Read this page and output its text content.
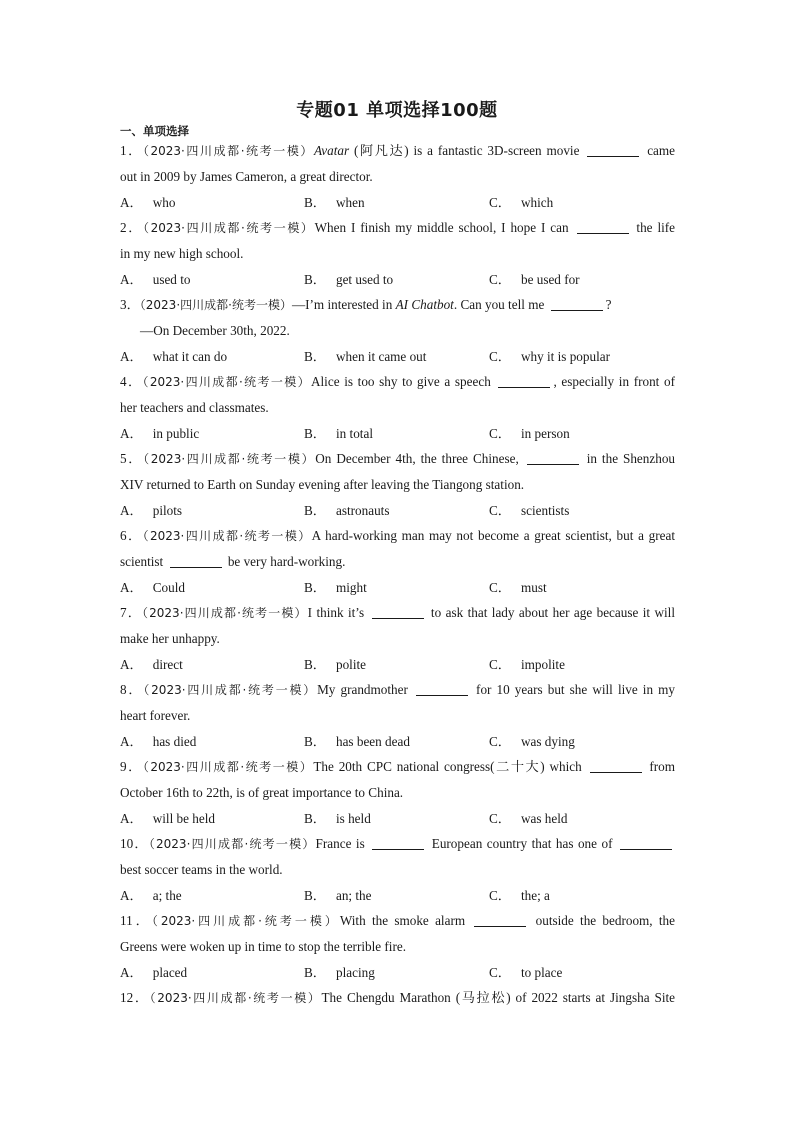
专题01 单项选择100题
一、单项选择
1．（2023·四川成都·统考一模）Avatar (阿凡达) is a fantastic 3D-screen movie	came
out in 2009 by James Cameron, a great director.
A． who	B． when	C． which
2．（2023·四川成都·统考一模）When I finish my middle school, I hope I can	the life
in my new high school.
A． used to	B． get used to	C． be used for
3．（2023·四川成都·统考一模）—I’m interested in AI Chatbot. Can you tell me	?
—On December 30th, 2022.
A． what it can do	B． when it came out	C． why it is popular
4．（2023·四川成都·统考一模）Alice is too shy to give a speech	, especially in front of
her teachers and classmates.
A． in public	B． in total	C． in person
5．（2023·四川成都·统考一模）On December 4th, the three Chinese,	in the Shenzhou
XIV returned to Earth on Sunday evening after leaving the Tiangong station.
A． pilots	B． astronauts	C． scientists
6．（2023·四川成都·统考一模）A hard-working man may not become a great scientist, but a great
scientist	be very hard-working.
A． Could	B． might	C． must
7．（2023·四川成都·统考一模）I think it’s	to ask that lady about her age because it will
make her unhappy.
A． direct	B． polite	C． impolite
8．（2023·四川成都·统考一模）My grandmother	for 10 years but she will live in my
heart forever.
A． has died	B． has been dead	C． was dying
9．（2023·四川成都·统考一模）The 20th CPC national congress(二十大) which	from
October 16th to 22th, is of great importance to China.
A． will be held	B． is held	C． was held
10．（2023·四川成都·统考一模）France is	European country that has one of
best soccer teams in the world.
A． a; the	B． an; the	C． the; a
11．（2023·四川成都·统考一模）With the smoke alarm	outside the bedroom, the
Greens were woken up in time to stop the terrible fire.
A． placed	B． placing	C． to place
12．（2023·四川成都·统考一模）The Chengdu Marathon (马拉松) of 2022 starts at Jingsha Site
